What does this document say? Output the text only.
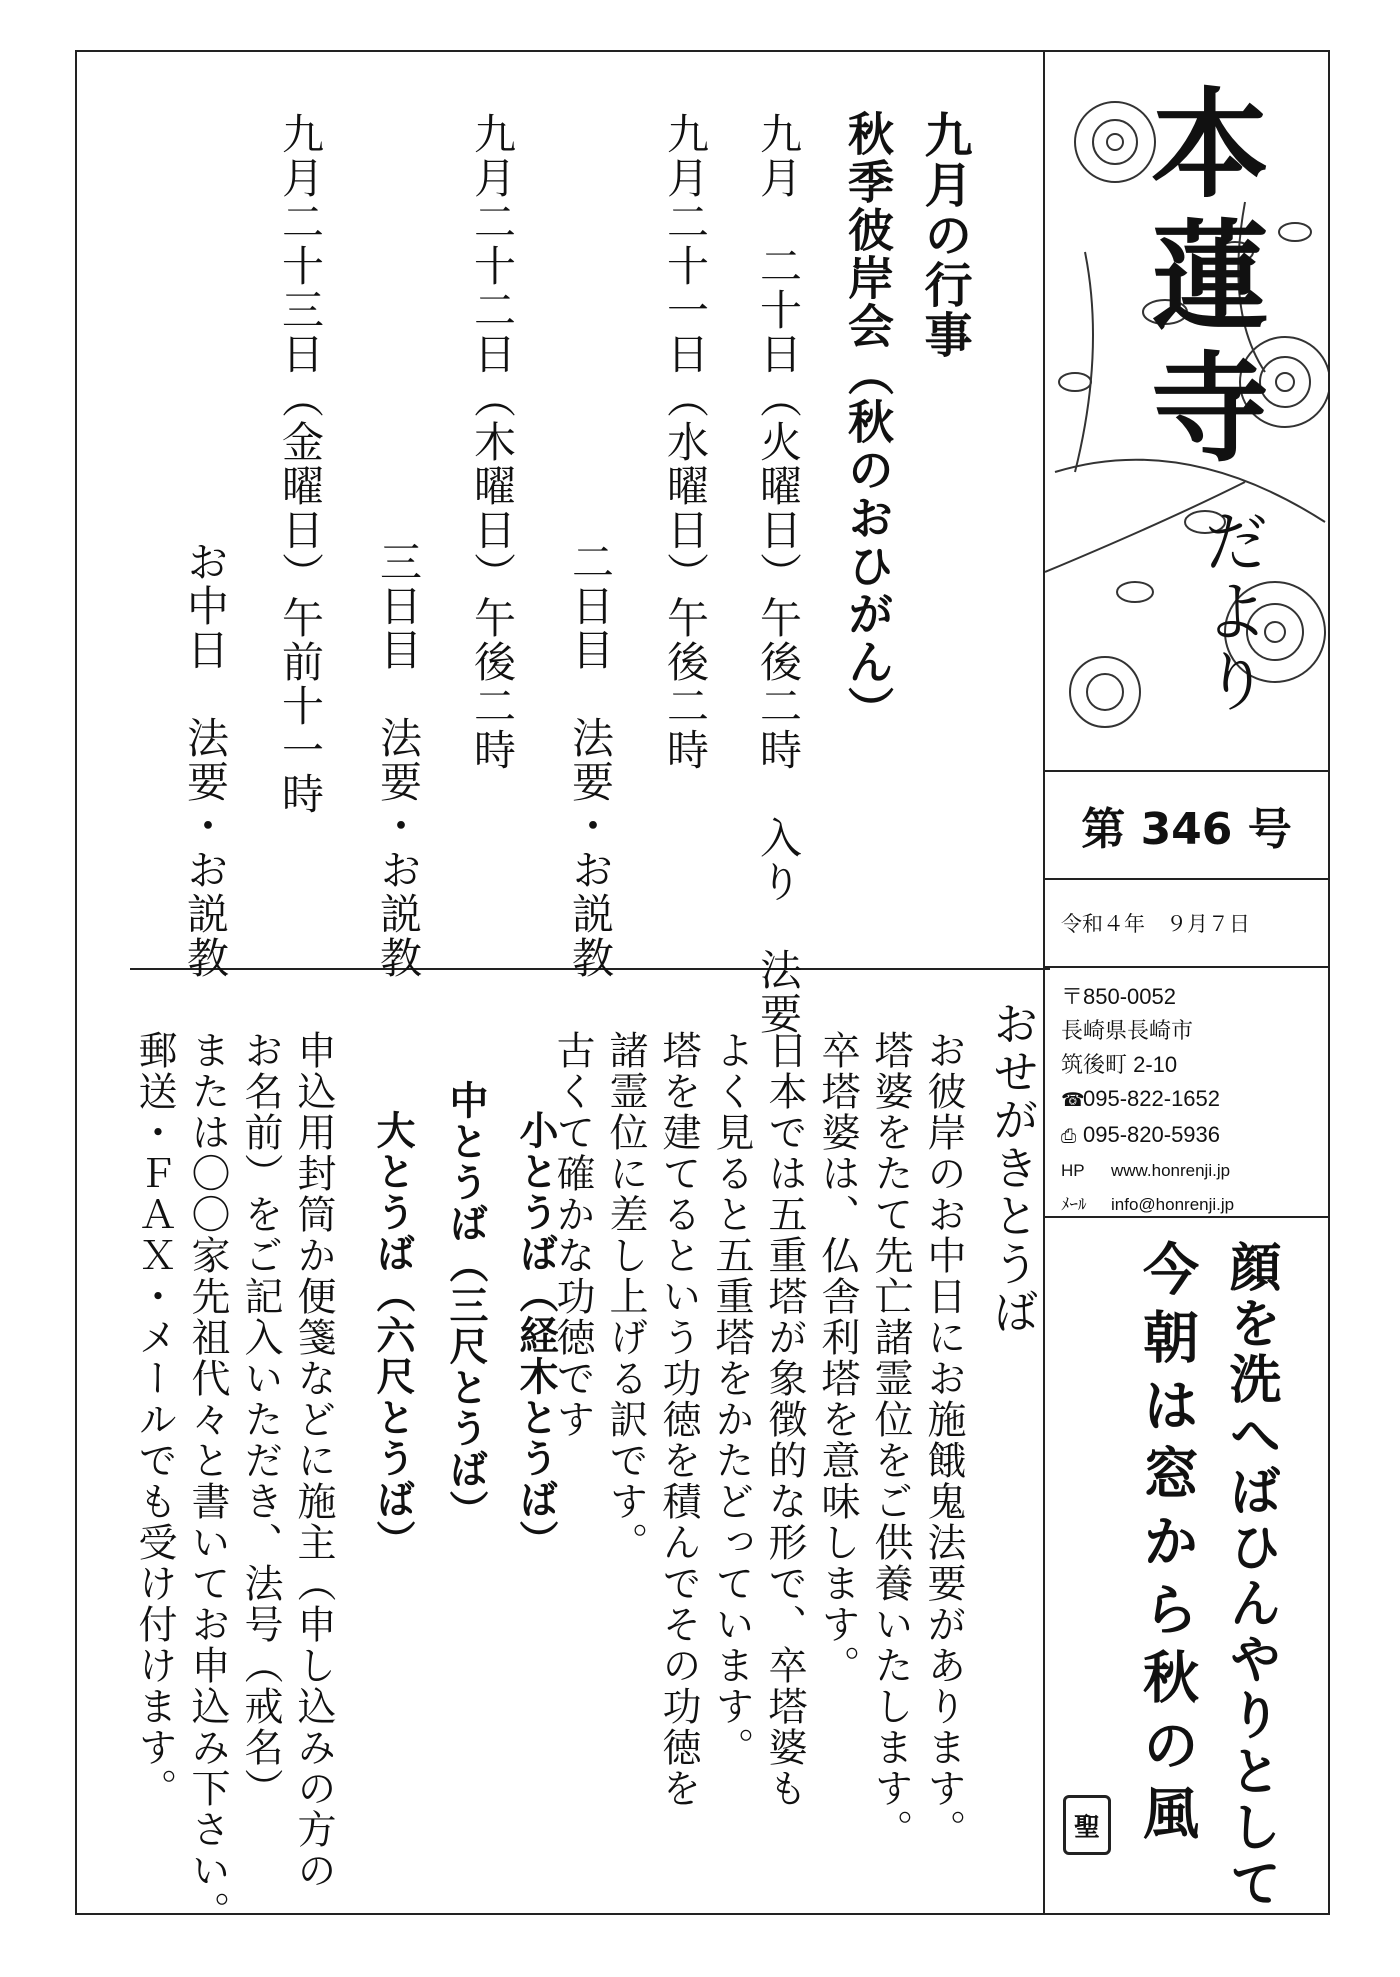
本蓮寺
だより
第 346 号
令和４年　９月７日
〒850-0052
長崎県長崎市
筑後町 2-10
☎095-822-1652
⎙ 095-820-5936
HP www.honrenji.jp
ﾒｰﾙ info@honrenji.jp
顔を洗へばひんやりとして
今朝は窓から秋の風
聖
九月の行事
秋季彼岸会（秋のおひがん）
九月　二十日（火曜日）午後二時　入り　法要
九月二十一日（水曜日）午後二時
二日目　法要・お説教
九月二十二日（木曜日）午後二時
三日目　法要・お説教
九月二十三日（金曜日）午前十一時
お中日　法要・お説教
おせがきとうば
お彼岸のお中日にお施餓鬼法要があります。
塔婆をたて先亡諸霊位をご供養いたします。
卒塔婆は、仏舎利塔を意味します。
日本では五重塔が象徴的な形で、卒塔婆も
よく見ると五重塔をかたどっています。
塔を建てるという功徳を積んでその功徳を
諸霊位に差し上げる訳です。
古くて確かな功徳です
小とうば（経木とうば）
中とうば（三尺とうば）
大とうば（六尺とうば）
申込用封筒か便箋などに施主（申し込みの方の
お名前）をご記入いただき、法号（戒名）
または〇〇家先祖代々と書いてお申込み下さい。
郵送・ＦＡＸ・メールでも受け付けます。
